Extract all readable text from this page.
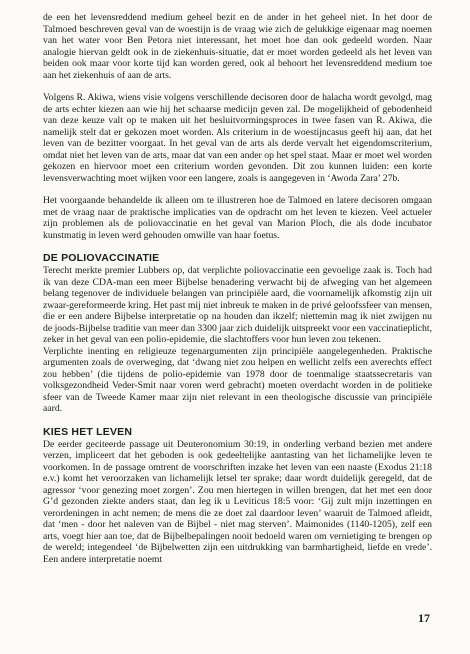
de een het levensreddend medium geheel bezit en de ander in het geheel niet. In het door de Talmoed beschreven geval van de woestijn is de vraag wie zich de gelukkige eigenaar mag noemen van het water voor Ben Petora niet interessant, het moet hoe dan ook gedeeld worden. Naar analogie hiervan geldt ook in de ziekenhuis-situatie, dat er moet worden gedeeld als het leven van beiden ook maar voor korte tijd kan worden gered, ook al behoort het levensreddend medium toe aan het ziekenhuis of aan de arts.

Volgens R. Akiwa, wiens visie volgens verschillende decisoren door de halacha wordt gevolgd, mag de arts echter kiezen aan wie hij het schaarse medicijn geven zal. De mogelijkheid of gebodenheid van deze keuze valt op te maken uit het besluitvormingsproces in twee fasen van R. Akiwa, die namelijk stelt dat er gekozen moet worden. Als criterium in de woestijncasus geeft hij aan, dat het leven van de bezitter voorgaat. In het geval van de arts als derde vervalt het eigendomscriterium, omdat niet het leven van de arts, maar dat van een ander op het spel staat. Maar er moet wel worden gekozen en hiervoor moet een criterium worden gevonden. Dit zou kunnen luiden: een korte levensverwachting moet wijken voor een langere, zoals is aangegeven in ‘Awoda Zara’ 27b.

Het voorgaande behandelde ik alleen om te illustreren hoe de Talmoed en latere decisoren omgaan met de vraag naar de praktische implicaties van de opdracht om het leven te kiezen. Veel actueler zijn problemen als de poliovaccinatie en het geval van Marion Ploch, die als dode incubator kunstmatig in leven werd gehouden omwille van haar foetus.

DE POLIOVACCINATIE

Terecht merkte premier Lubbers op, dat verplichte poliovaccinatie een gevoelige zaak is. Toch had ik van deze CDA-man een meer Bijbelse benadering verwacht bij de afweging van het algemeen belang tegenover de individuele belangen van principiële aard, die voornamelijk afkomstig zijn uit zwaar-gereformeerde kring. Het past mij niet inbreuk te maken in de privé geloofssfeer van mensen, die er een andere Bijbelse interpretatie op na houden dan ikzelf; niettemin mag ik niet zwijgen nu de joods-Bijbelse traditie van meer dan 3300 jaar zich duidelijk uitspreekt voor een vaccinatieplicht, zeker in het geval van een polio-epidemie, die slachtoffers voor hun leven zou tekenen.

Verplichte inenting en religieuze tegenargumenten zijn principiële aangelegenheden. Praktische argumenten zoals de overweging, dat ‘dwang niet zou helpen en wellicht zelfs een averechts effect zou hebben’ (die tijdens de polio-epidemie van 1978 door de toenmalige staatssecretaris van volksgezondheid Veder-Smit naar voren werd gebracht) moeten overdacht worden in de politieke sfeer van de Tweede Kamer maar zijn niet relevant in een theologische discussie van principiële aard.

KIES HET LEVEN

De eerder geciteerde passage uit Deuteronomium 30:19, in onderling verband bezien met andere verzen, impliceert dat het geboden is ook gedeeltelijke aantasting van het lichamelijke leven te voorkomen. In de passage omtrent de voorschriften inzake het leven van een naaste (Exodus 21:18 e.v.) komt het veroorzaken van lichamelijk letsel ter sprake; daar wordt duidelijk geregeld, dat de agressor ‘voor genezing moet zorgen’. Zou men hiertegen in willen brengen, dat het met een door G’d gezonden ziekte anders staat, dan leg ik u Leviticus 18:5 voor: ‘Gij zult mijn inzettingen en verordeningen in acht nemen; de mens die ze doet zal daardoor leven’ waaruit de Talmoed afleidt, dat ‘men - door het naleven van de Bijbel - niet mag sterven’. Maimonides (1140-1205), zelf een arts, voegt hier aan toe, dat de Bijbelbepalingen nooit bedoeld waren om vernietiging te brengen op de wereld; integendeel ‘de Bijbelwetten zijn een uitdrukking van barmhartigheid, liefde en vrede’. Een andere interpretatie noemt

17
